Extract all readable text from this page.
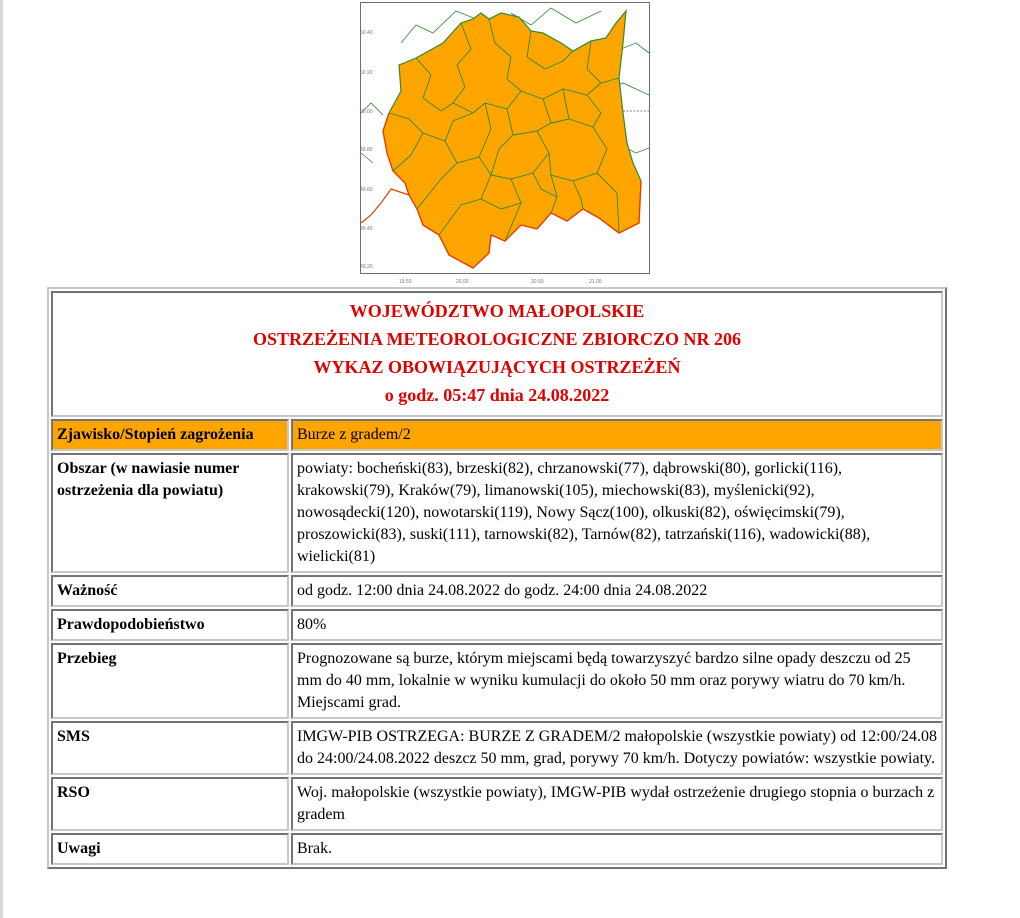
50.40
50.20
50.00
49.80
49.60
49.40
49.20
19.50	20.00	20.50	21.00
WOJEWÓDZTWO MAŁOPOLSKIE
OSTRZEŻENIA METEOROLOGICZNE ZBIORCZO NR 206
WYKAZ OBOWIĄZUJĄCYCH OSTRZEŻEŃ
o godz. 05:47 dnia 24.08.2022	

Zjawisko/Stopień zagrożenia	Burze z gradem/2
Obszar (w nawiasie numer ostrzeżenia dla powiatu)	powiaty: bocheński(83), brzeski(82), chrzanowski(77), dąbrowski(80), gorlicki(116), krakowski(79), Kraków(79), limanowski(105), miechowski(83), myślenicki(92), nowosądecki(120), nowotarski(119), Nowy Sącz(100), olkuski(82), oświęcimski(79), proszowicki(83), suski(111), tarnowski(82), Tarnów(82), tatrzański(116), wadowicki(88), wielicki(81)
Ważność	od godz. 12:00 dnia 24.08.2022 do godz. 24:00 dnia 24.08.2022
Prawdopodobieństwo	80%
Przebieg	Prognozowane są burze, którym miejscami będą towarzyszyć bardzo silne opady deszczu od 25 mm do 40 mm, lokalnie w wyniku kumulacji do około 50 mm oraz porywy wiatru do 70 km/h. Miejscami grad.
SMS	IMGW-PIB OSTRZEGA: BURZE Z GRADEM/2 małopolskie (wszystkie powiaty) od 12:00/24.08 do 24:00/24.08.2022 deszcz 50 mm, grad, porywy 70 km/h. Dotyczy powiatów: wszystkie powiaty.
RSO	Woj. małopolskie (wszystkie powiaty), IMGW-PIB wydał ostrzeżenie drugiego stopnia o burzach z gradem
Uwagi	Brak.
